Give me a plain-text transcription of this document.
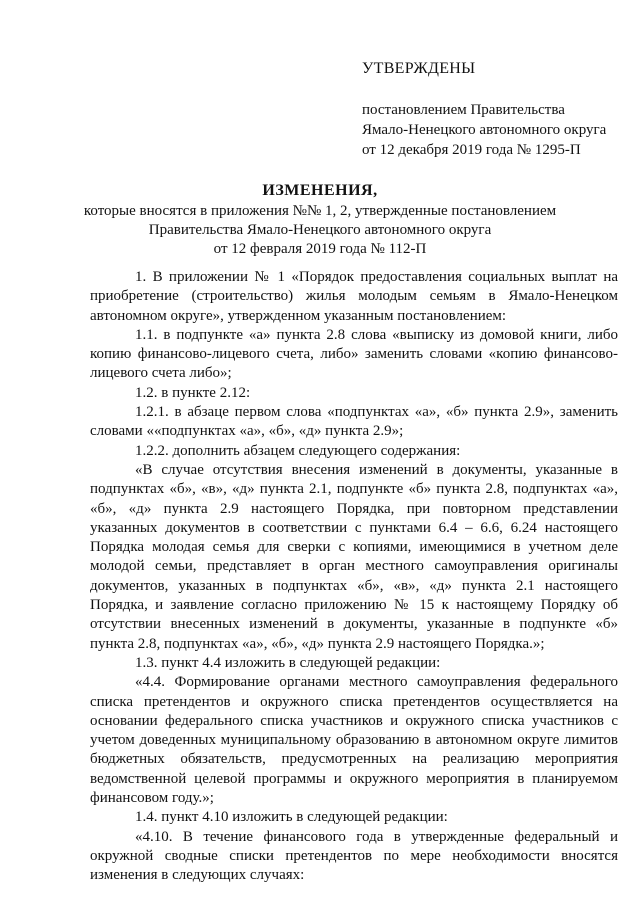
УТВЕРЖДЕНЫ
постановлением Правительства
Ямало-Ненецкого автономного округа
от 12 декабря 2019 года № 1295-П
ИЗМЕНЕНИЯ,
которые вносятся в приложения №№ 1, 2, утвержденные постановлением
Правительства Ямало-Ненецкого автономного округа
от 12 февраля 2019 года № 112-П

1. В приложении № 1 «Порядок предоставления социальных выплат на приобретение (строительство) жилья молодым семьям в Ямало-Ненецком автономном округе», утвержденном указанным постановлением:

1.1. в подпункте «а» пункта 2.8 слова «выписку из домовой книги, либо копию финансово-лицевого счета, либо» заменить словами «копию финансово-лицевого счета либо»;

1.2. в пункте 2.12:

1.2.1. в абзаце первом слова «подпунктах «а», «б» пункта 2.9», заменить словами ««подпунктах «а», «б», «д» пункта 2.9»;

1.2.2. дополнить абзацем следующего содержания:

«В случае отсутствия внесения изменений в документы, указанные в подпунктах «б», «в», «д» пункта 2.1, подпункте «б» пункта 2.8, подпунктах «а», «б», «д» пункта 2.9 настоящего Порядка, при повторном представлении указанных документов в соответствии с пунктами 6.4 – 6.6, 6.24 настоящего Порядка молодая семья для сверки с копиями, имеющимися в учетном деле молодой семьи, представляет в орган местного самоуправления оригиналы документов, указанных в подпунктах «б», «в», «д» пункта 2.1 настоящего Порядка, и заявление согласно приложению № 15 к настоящему Порядку об отсутствии внесенных изменений в документы, указанные в подпункте «б» пункта 2.8, подпунктах «а», «б», «д» пункта 2.9 настоящего Порядка.»;

1.3. пункт 4.4 изложить в следующей редакции:

«4.4. Формирование органами местного самоуправления федерального списка претендентов и окружного списка претендентов осуществляется на основании федерального списка участников и окружного списка участников с учетом доведенных муниципальному образованию в автономном округе лимитов бюджетных обязательств, предусмотренных на реализацию мероприятия ведомственной целевой программы и окружного мероприятия в планируемом финансовом году.»;

1.4. пункт 4.10 изложить в следующей редакции:

«4.10. В течение финансового года в утвержденные федеральный и окружной сводные списки претендентов по мере необходимости вносятся изменения в следующих случаях:
